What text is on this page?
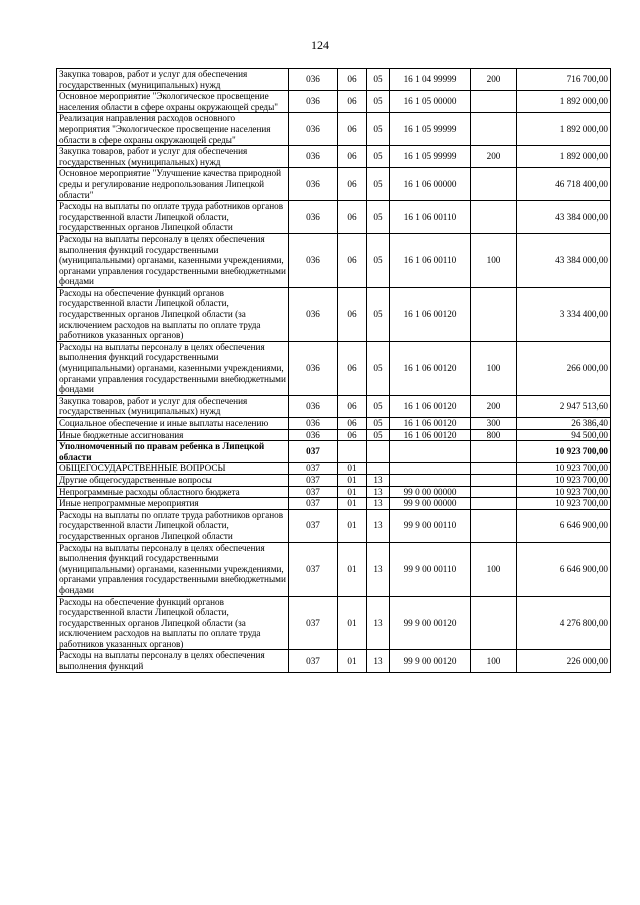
124
Закупка товаров, работ и услуг для обеспечения государственных (муниципальных) нужд	036	06	05	16 1 04 99999	200	716 700,00
Основное мероприятие "Экологическое просвещение населения области в сфере охраны окружающей среды"	036	06	05	16 1 05 00000		1 892 000,00
Реализация направления расходов основного мероприятия "Экологическое просвещение населения области в сфере охраны окружающей среды"	036	06	05	16 1 05 99999		1 892 000,00
Закупка товаров, работ и услуг для обеспечения государственных (муниципальных) нужд	036	06	05	16 1 05 99999	200	1 892 000,00
Основное мероприятие "Улучшение качества природной среды и регулирование недропользования Липецкой области"	036	06	05	16 1 06 00000		46 718 400,00
Расходы на выплаты по оплате труда работников органов государственной власти Липецкой области, государственных органов Липецкой области	036	06	05	16 1 06 00110		43 384 000,00
Расходы на выплаты персоналу в целях обеспечения выполнения функций государственными (муниципальными) органами, казенными учреждениями, органами управления государственными внебюджетными фондами	036	06	05	16 1 06 00110	100	43 384 000,00
Расходы на обеспечение функций органов государственной власти Липецкой области, государственных органов Липецкой области (за исключением расходов на выплаты по оплате труда работников указанных органов)	036	06	05	16 1 06 00120		3 334 400,00
Расходы на выплаты персоналу в целях обеспечения выполнения функций государственными (муниципальными) органами, казенными учреждениями, органами управления государственными внебюджетными фондами	036	06	05	16 1 06 00120	100	266 000,00
Закупка товаров, работ и услуг для обеспечения государственных (муниципальных) нужд	036	06	05	16 1 06 00120	200	2 947 513,60
Социальное обеспечение и иные выплаты населению	036	06	05	16 1 06 00120	300	26 386,40
Иные бюджетные ассигнования	036	06	05	16 1 06 00120	800	94 500,00
Уполномоченный по правам ребенка в Липецкой области	037					10 923 700,00
ОБЩЕГОСУДАРСТВЕННЫЕ ВОПРОСЫ	037	01				10 923 700,00
Другие общегосударственные вопросы	037	01	13			10 923 700,00
Непрограммные расходы областного бюджета	037	01	13	99 0 00 00000		10 923 700,00
Иные непрограммные мероприятия	037	01	13	99 9 00 00000		10 923 700,00
Расходы на выплаты по оплате труда работников органов государственной власти Липецкой области, государственных органов Липецкой области	037	01	13	99 9 00 00110		6 646 900,00
Расходы на выплаты персоналу в целях обеспечения выполнения функций государственными (муниципальными) органами, казенными учреждениями, органами управления государственными внебюджетными фондами	037	01	13	99 9 00 00110	100	6 646 900,00
Расходы на обеспечение функций органов государственной власти Липецкой области, государственных органов Липецкой области (за исключением расходов на выплаты по оплате труда работников указанных органов)	037	01	13	99 9 00 00120		4 276 800,00
Расходы на выплаты персоналу в целях обеспечения выполнения функций	037	01	13	99 9 00 00120	100	226 000,00
